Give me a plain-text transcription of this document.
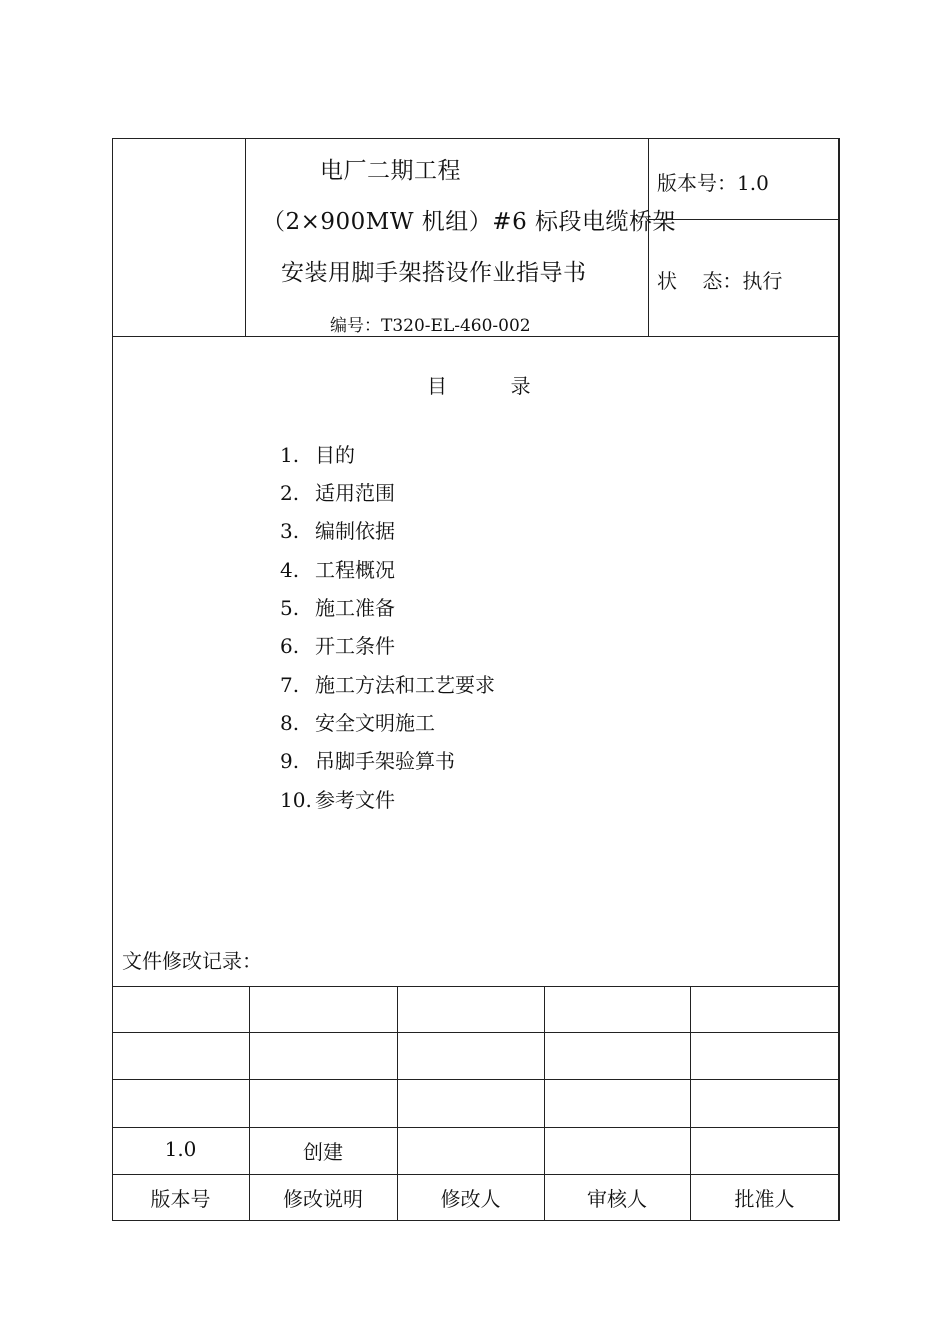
电厂二期工程
（2×900MW 机组）#6 标段电缆桥架
安装用脚手架搭设作业指导书
编号：T320-EL-460-002
版本号：1.0
状    态：执行
目          录
1. 目的
2. 适用范围
3. 编制依据
4. 工程概况
5. 施工准备
6. 开工条件
7. 施工方法和工艺要求
8. 安全文明施工
9. 吊脚手架验算书
10. 参考文件
文件修改记录：
1.0	创建
版本号	修改说明	修改人	审核人	批准人
